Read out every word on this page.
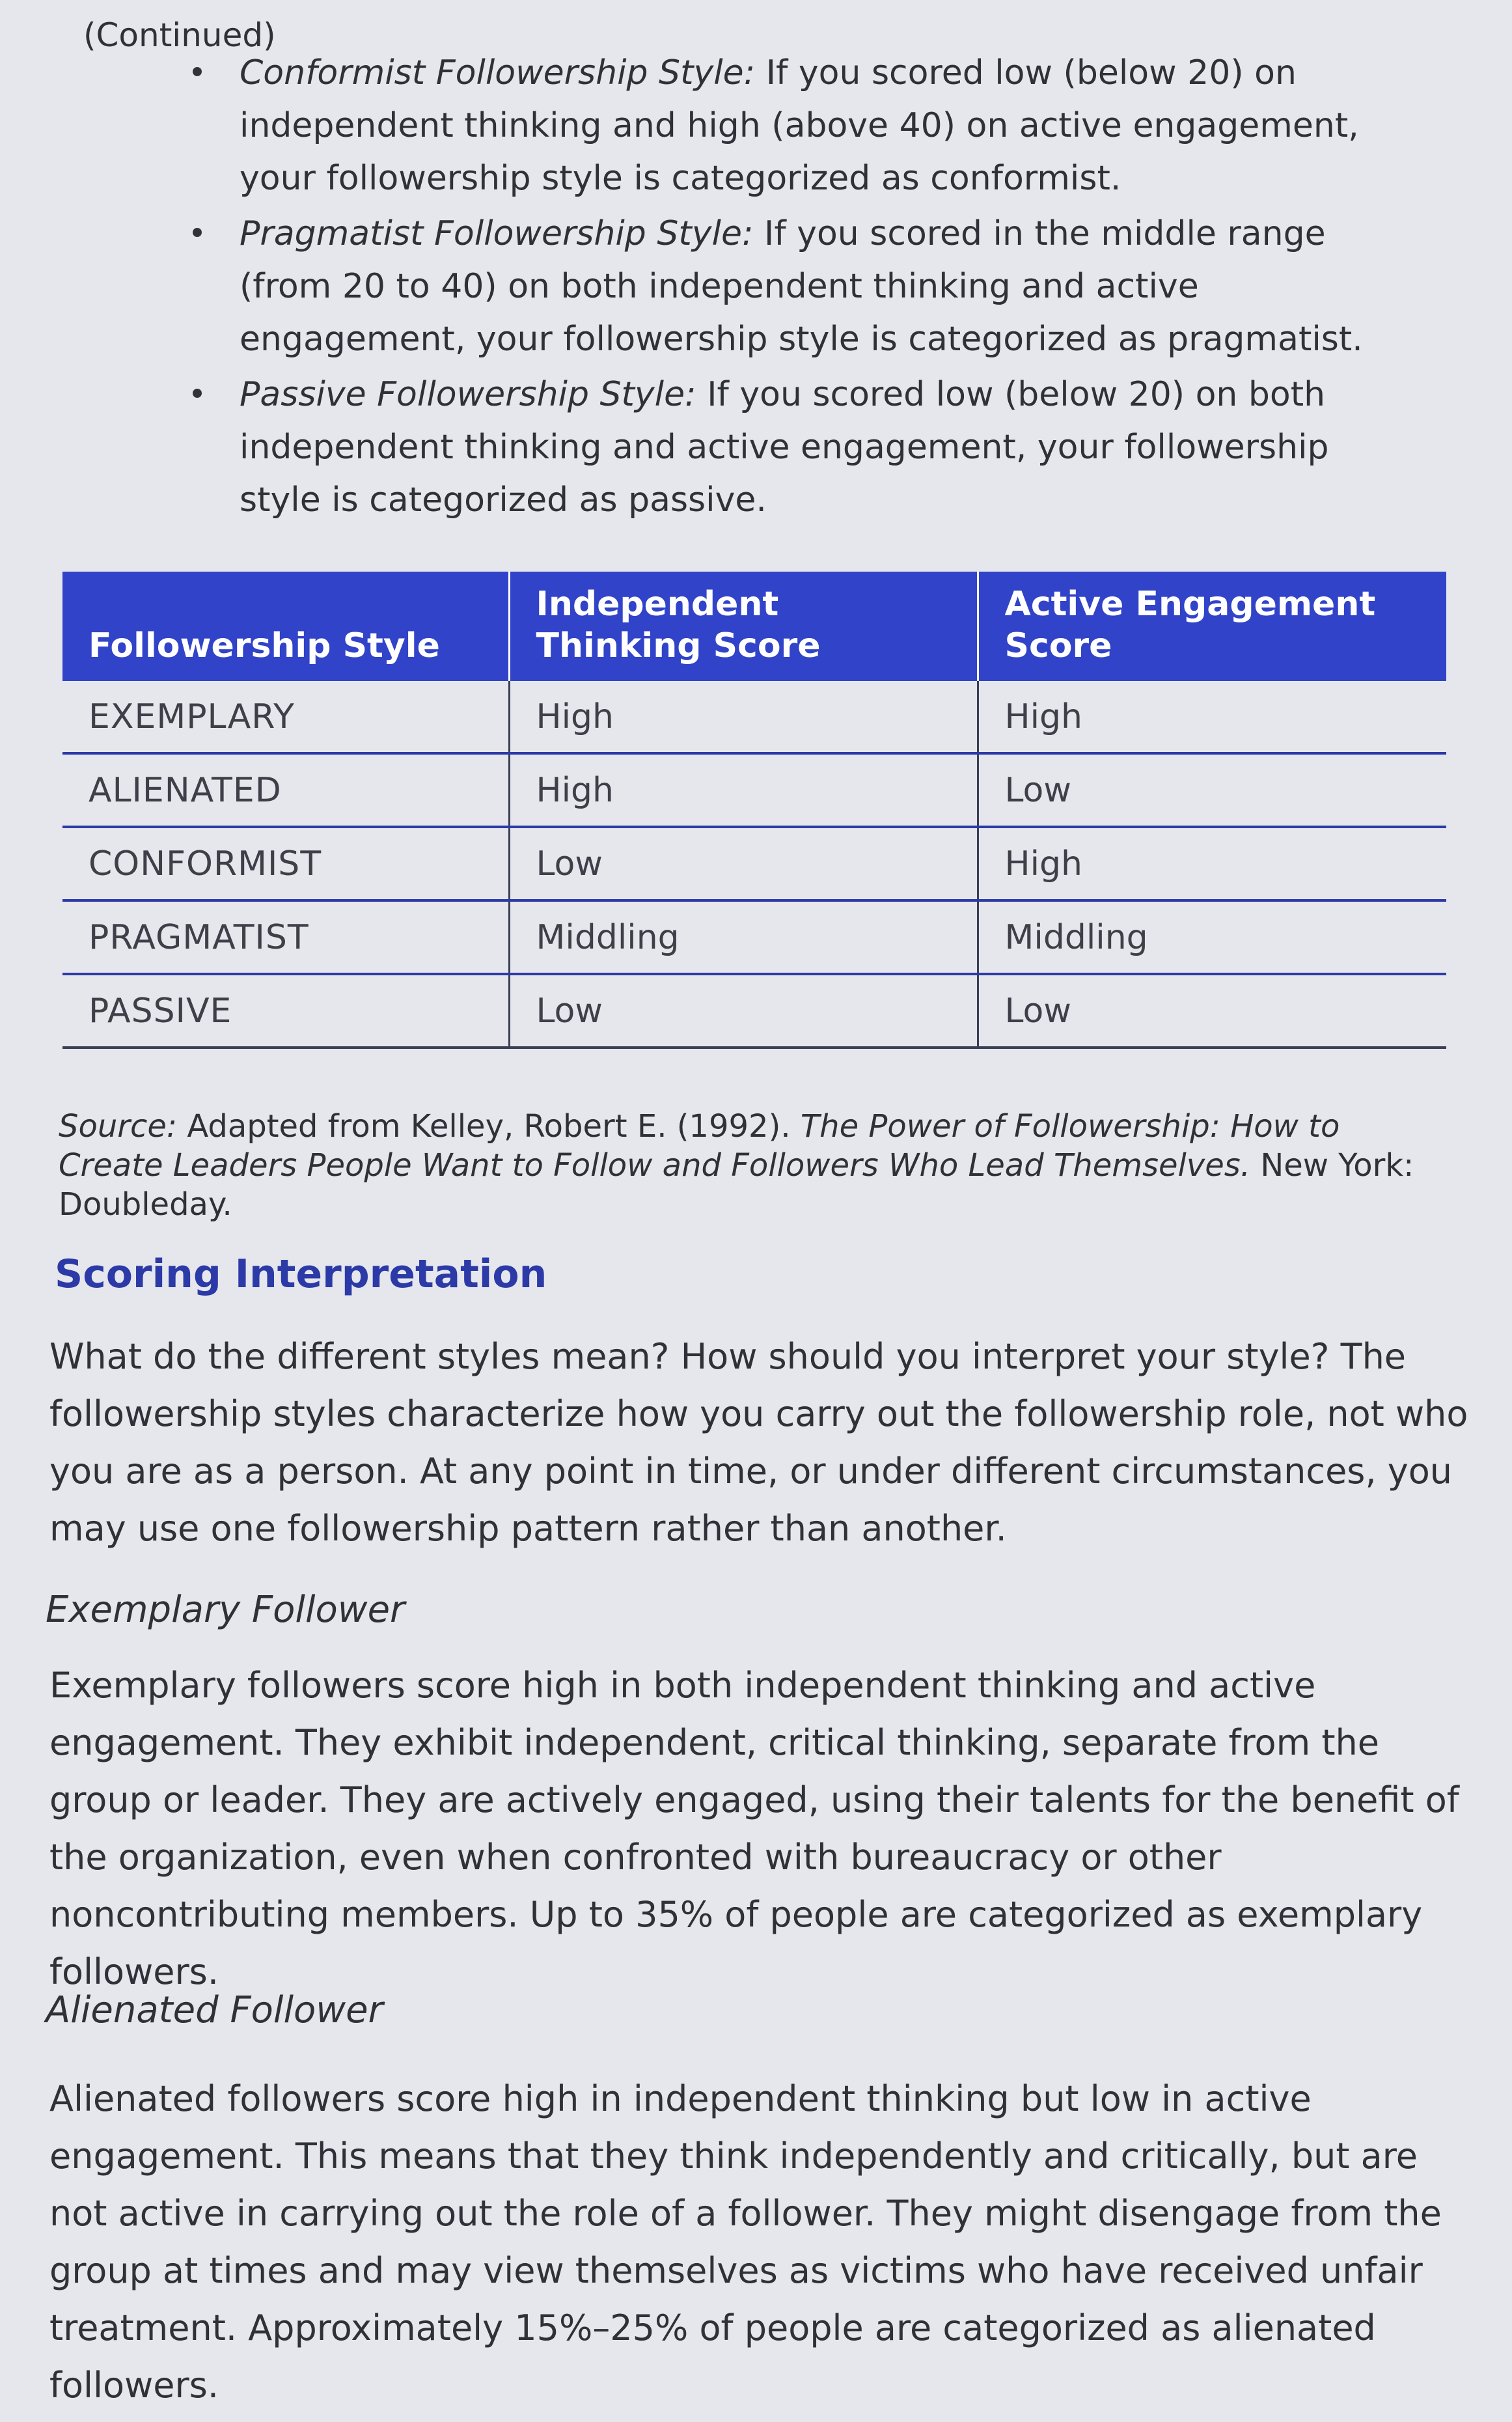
(Continued)
Conformist Followership Style: If you scored low (below 20) on independent thinking and high (above 40) on active engagement, your followership style is categorized as conformist.
Pragmatist Followership Style: If you scored in the middle range (from 20 to 40) on both independent thinking and active engagement, your followership style is categorized as pragmatist.
Passive Followership Style: If you scored low (below 20) on both independent thinking and active engagement, your followership style is categorized as passive.
Followership Style	Independent Thinking Score	Active Engagement Score
EXEMPLARY	High	High
ALIENATED	High	Low
CONFORMIST	Low	High
PRAGMATIST	Middling	Middling
PASSIVE	Low	Low
Source: Adapted from Kelley, Robert E. (1992). The Power of Followership: How to Create Leaders People Want to Follow and Followers Who Lead Themselves. New York: Doubleday.
Scoring Interpretation
What do the different styles mean? How should you interpret your style? The followership styles characterize how you carry out the followership role, not who you are as a person. At any point in time, or under different circumstances, you may use one followership pattern rather than another.
Exemplary Follower
Exemplary followers score high in both independent thinking and active engagement. They exhibit independent, critical thinking, separate from the group or leader. They are actively engaged, using their talents for the benefit of the organization, even when confronted with bureaucracy or other noncontributing members. Up to 35% of people are categorized as exemplary followers.
Alienated Follower
Alienated followers score high in independent thinking but low in active engagement. This means that they think independently and critically, but are not active in carrying out the role of a follower. They might disengage from the group at times and may view themselves as victims who have received unfair treatment. Approximately 15%–25% of people are categorized as alienated followers.
